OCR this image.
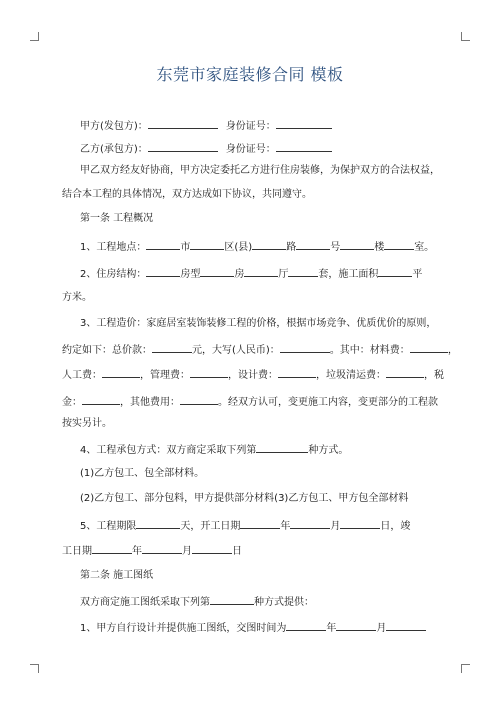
东莞市家庭装修合同 模板
甲方(发包方)：	身份证号：
乙方(承包方)：	身份证号：
甲乙双方经友好协商，甲方决定委托乙方进行住房装修，为保护双方的合法权益，
结合本工程的具体情况，双方达成如下协议，共同遵守。
第一条 工程概况
1、工程地点：	市	区(县)	路	号	楼	室。
2、住房结构：	房型	房	厅	套，施工面积	平
方米。
3、工程造价：家庭居室装饰装修工程的价格，根据市场竞争、优质优价的原则，
约定如下：总价款：	元，大写(人民币)：	。其中：材料费：	，
人工费：	，管理费：	，设计费：	，垃圾清运费：	，税
金：	，其他费用：	。经双方认可，变更施工内容，变更部分的工程款
按实另计。
4、工程承包方式：双方商定采取下列第	种方式。
(1)乙方包工、包全部材料。
(2)乙方包工、部分包料，甲方提供部分材料(3)乙方包工、甲方包全部材料
5、工程期限	天，开工日期	年	月	日，竣
工日期	年	月	日
第二条 施工图纸
双方商定施工图纸采取下列第	种方式提供：
1、甲方自行设计并提供施工图纸，交图时间为	年	月
